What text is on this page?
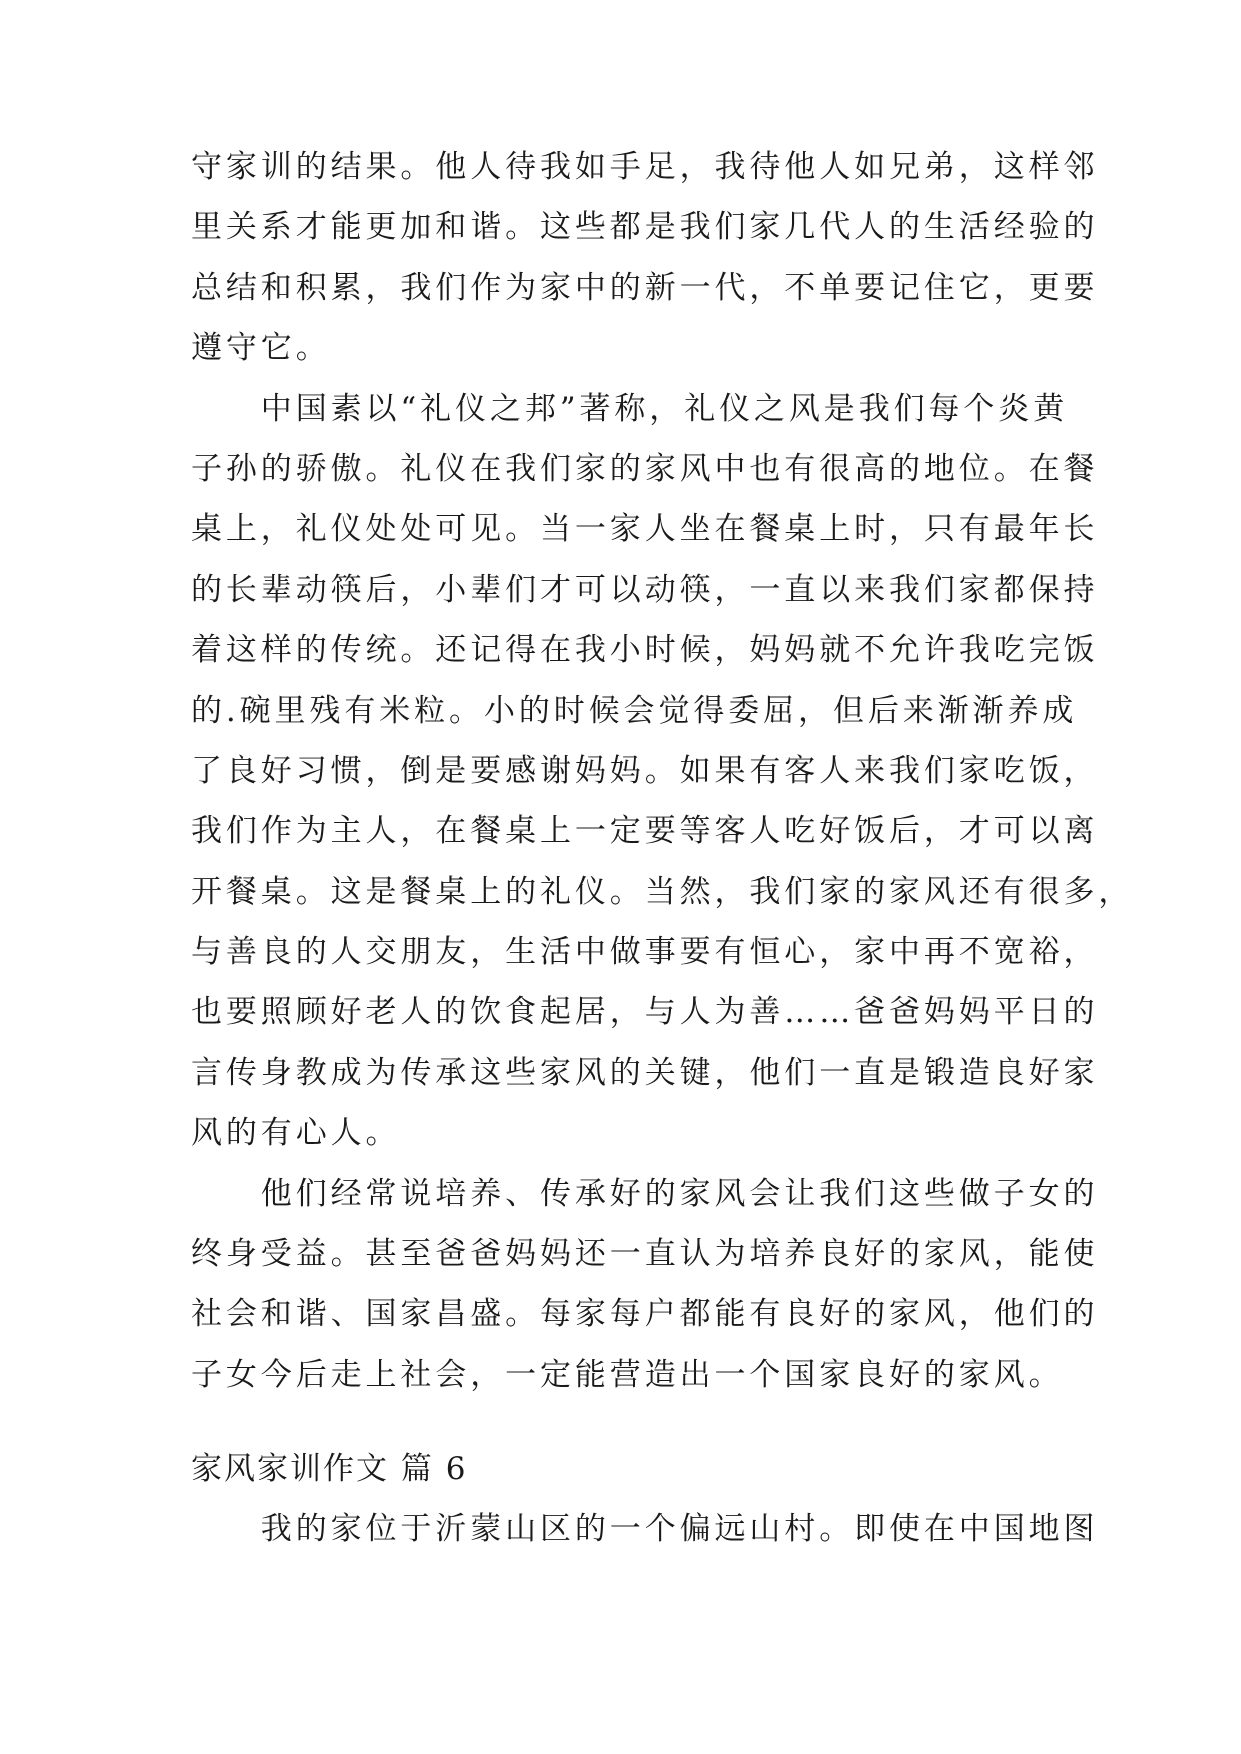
守家训的结果。他人待我如手足，我待他人如兄弟，这样邻
里关系才能更加和谐。这些都是我们家几代人的生活经验的
总结和积累，我们作为家中的新一代，不单要记住它，更要
遵守它。
　　中国素以“礼仪之邦”著称，礼仪之风是我们每个炎黄
子孙的骄傲。礼仪在我们家的家风中也有很高的地位。在餐
桌上，礼仪处处可见。当一家人坐在餐桌上时，只有最年长
的长辈动筷后，小辈们才可以动筷，一直以来我们家都保持
着这样的传统。还记得在我小时候，妈妈就不允许我吃完饭
的.碗里残有米粒。小的时候会觉得委屈，但后来渐渐养成
了良好习惯，倒是要感谢妈妈。如果有客人来我们家吃饭，
我们作为主人，在餐桌上一定要等客人吃好饭后，才可以离
开餐桌。这是餐桌上的礼仪。当然，我们家的家风还有很多，
与善良的人交朋友，生活中做事要有恒心，家中再不宽裕，
也要照顾好老人的饮食起居，与人为善……爸爸妈妈平日的
言传身教成为传承这些家风的关键，他们一直是锻造良好家
风的有心人。
　　他们经常说培养、传承好的家风会让我们这些做子女的
终身受益。甚至爸爸妈妈还一直认为培养良好的家风，能使
社会和谐、国家昌盛。每家每户都能有良好的家风，他们的
子女今后走上社会，一定能营造出一个国家良好的家风。
家风家训作文 篇 6
　　我的家位于沂蒙山区的一个偏远山村。即使在中国地图
